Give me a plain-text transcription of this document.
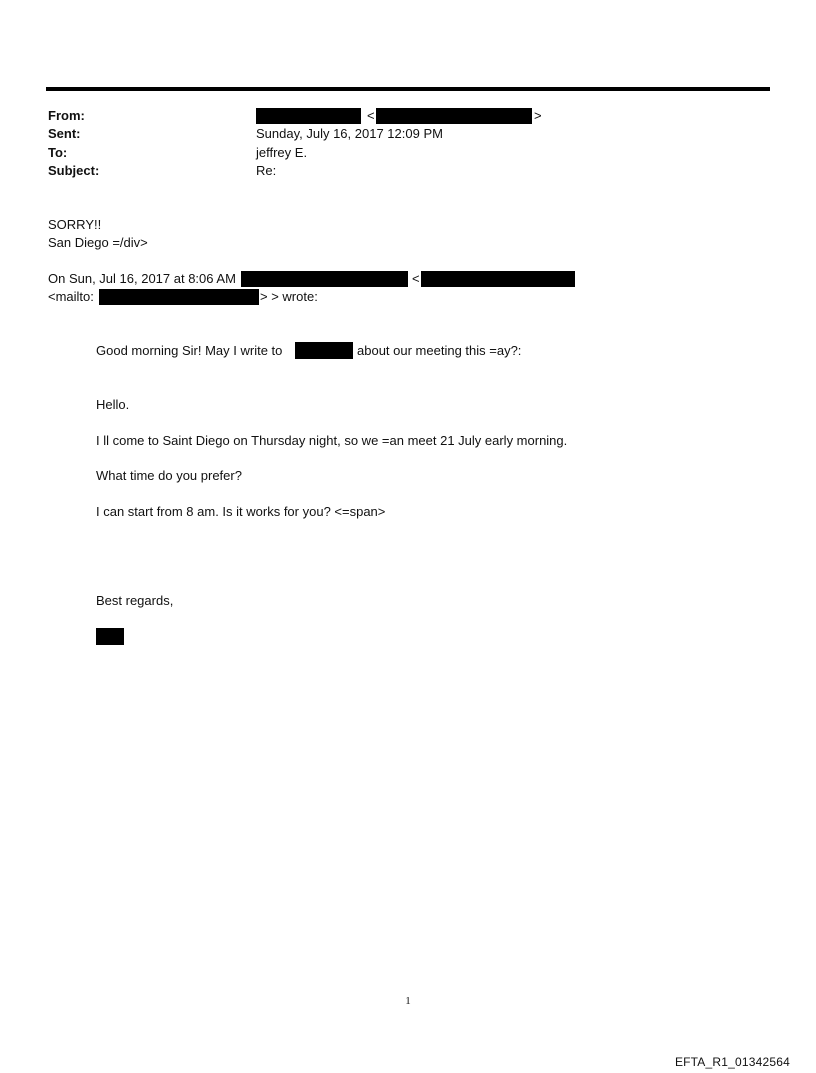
From:	<	>
Sent:	Sunday, July 16, 2017 12:09 PM
To:	jeffrey E.
Subject:	Re:
SORRY!!
San Diego =/div>
On Sun, Jul 16, 2017 at 8:06 AM	<
<mailto:	> > wrote:
Good morning Sir! May I write to	about our meeting this =ay?:
Hello.
I ll come to Saint Diego on Thursday night, so we =an meet 21 July early morning.
What time do you prefer?
I can start from 8 am. Is it works for you? <=span>
Best regards,
1
EFTA_R1_01342564
